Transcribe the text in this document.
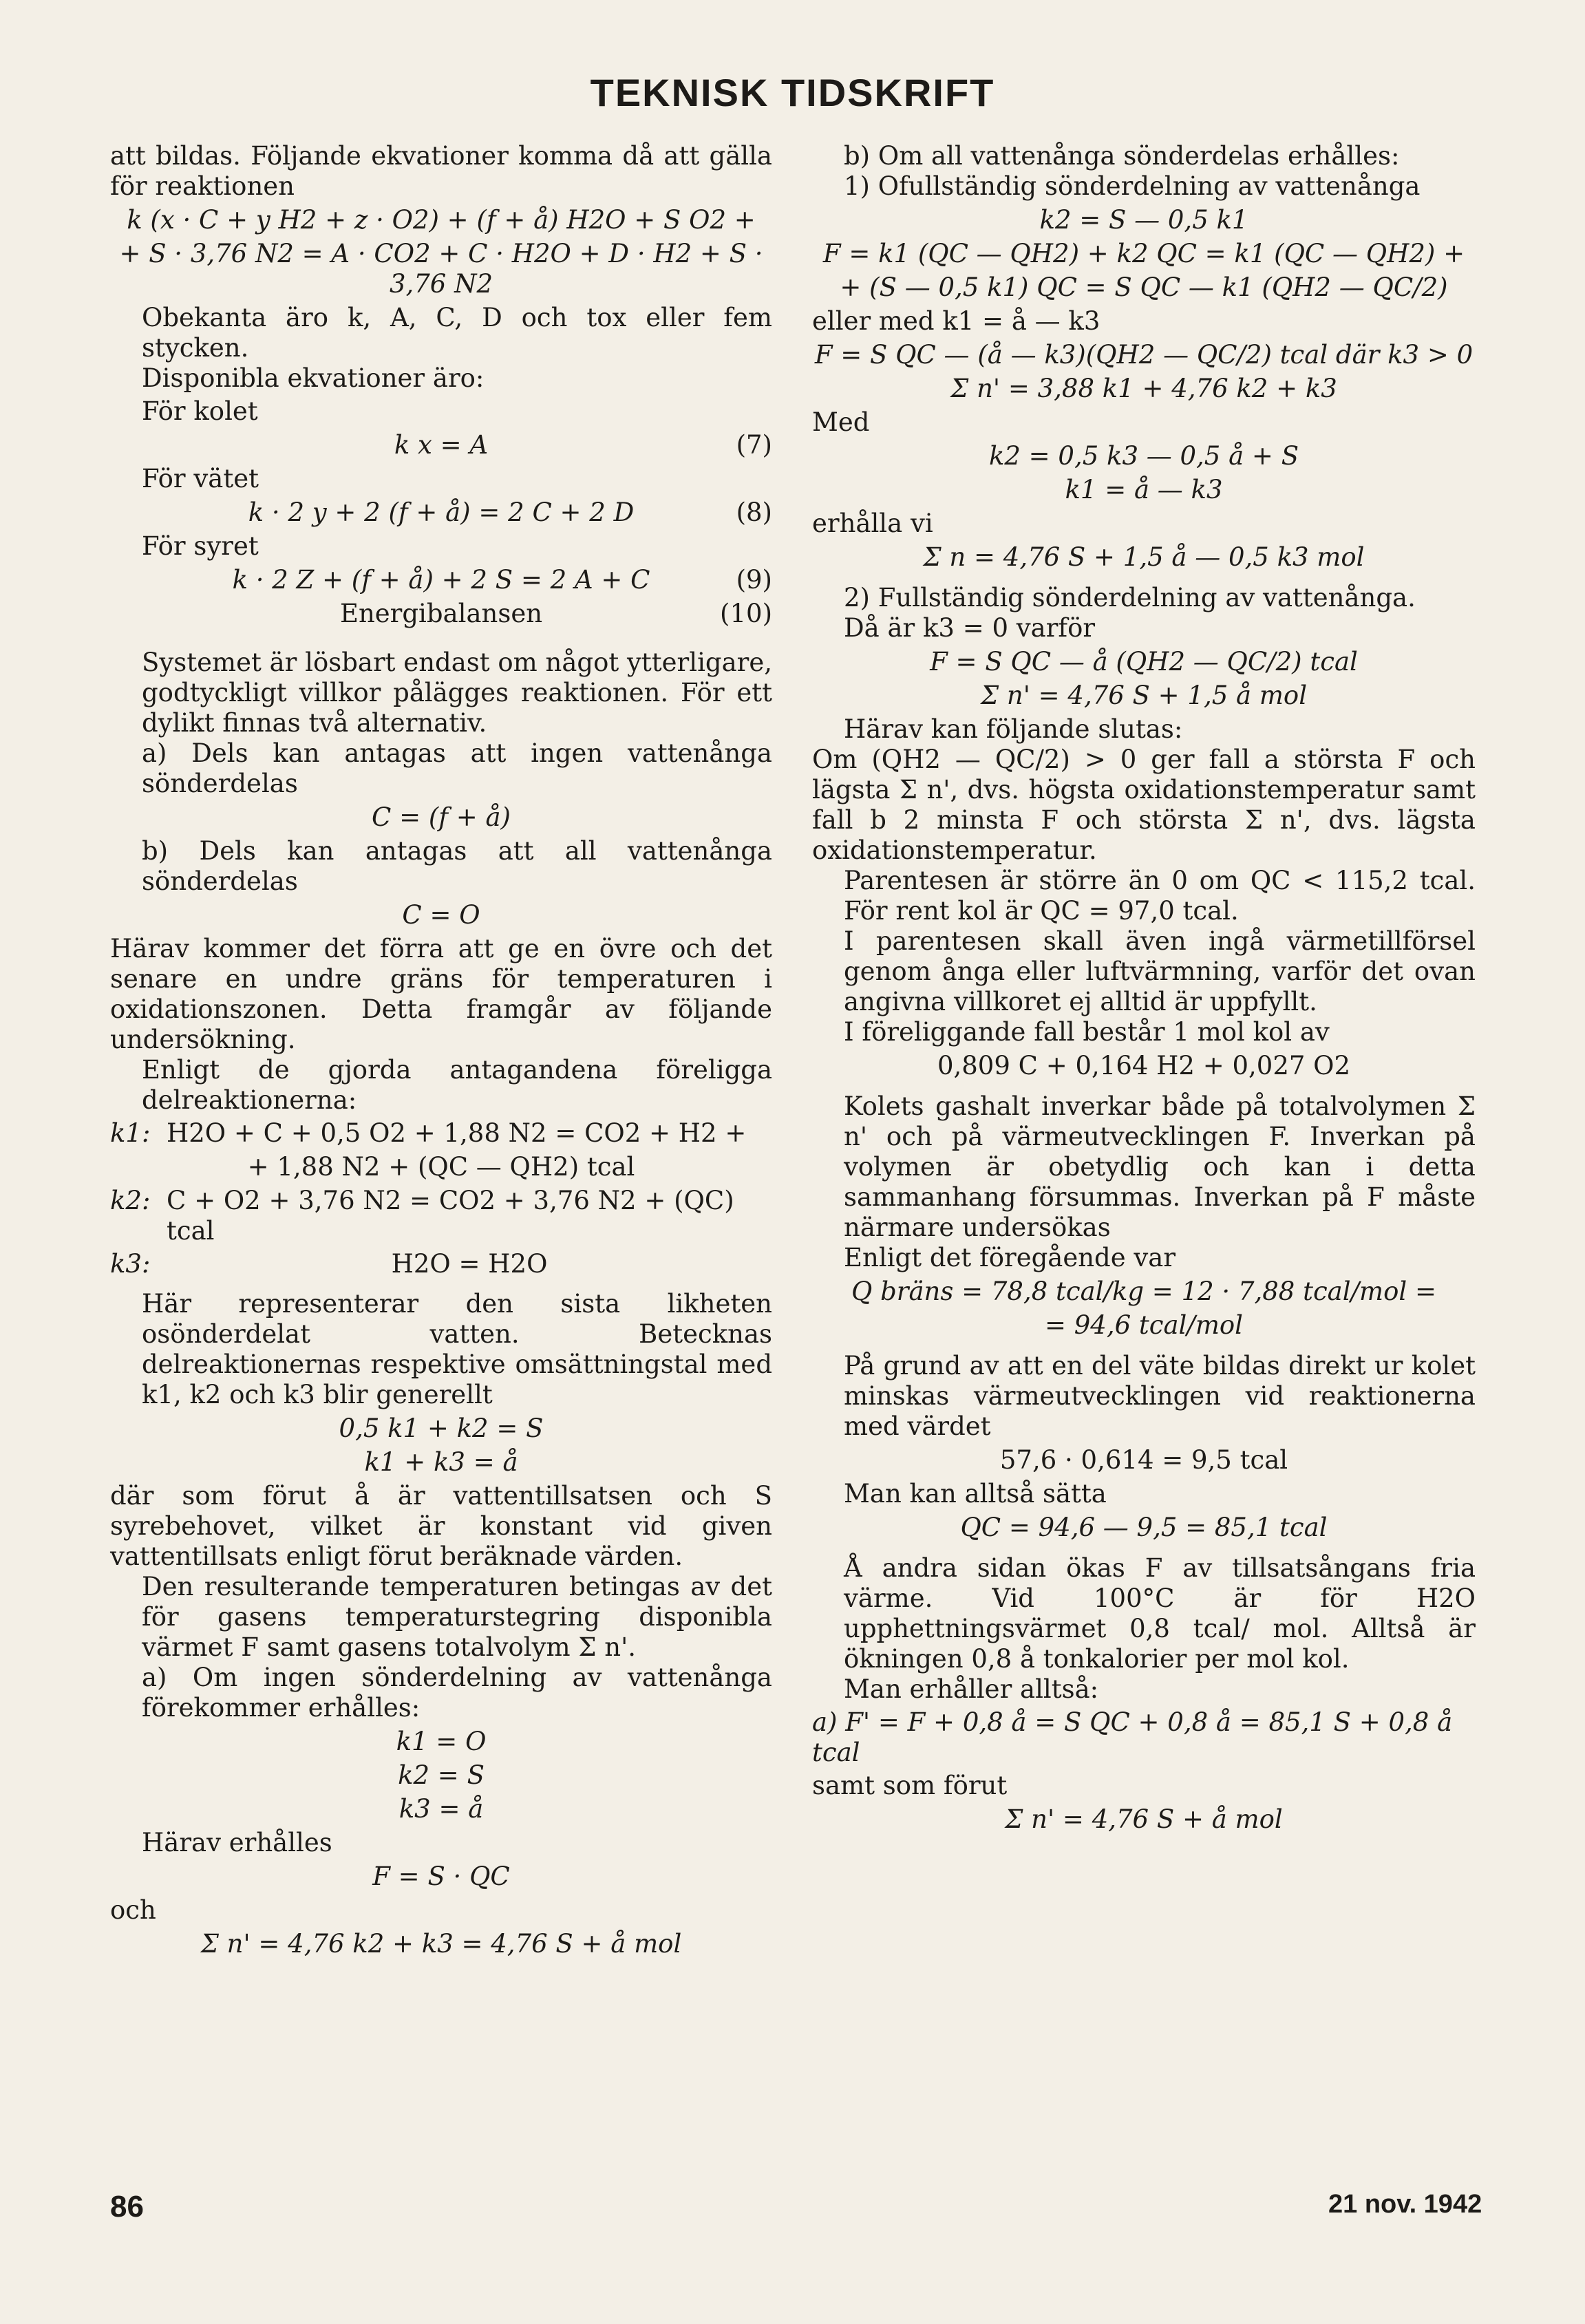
TEKNISK TIDSKRIFT

att bildas. Följande ekvationer komma då att gälla för reaktionen

k (x · C + y H2 + z · O2) + (f + å) H2O + S O2 +
+ S · 3,76 N2 = A · CO2 + C · H2O + D · H2 + S · 3,76 N2

Obekanta äro k, A, C, D och tox eller fem stycken.

Disponibla ekvationer äro:

För kolet
k x = A	(7)
För vätet
k · 2 y + 2 (f + å) = 2 C + 2 D	(8)
För syret
k · 2 Z + (f + å) + 2 S = 2 A + C	(9)
Energibalansen	(10)

Systemet är lösbart endast om något ytterligare, godtyckligt villkor pålägges reaktionen. För ett dylikt finnas två alternativ.

a) Dels kan antagas att ingen vattenånga sönderdelas

C = (f + å)

b) Dels kan antagas att all vattenånga sönderdelas

C = O

Härav kommer det förra att ge en övre och det senare en undre gräns för temperaturen i oxidationszonen. Detta framgår av följande undersökning.

Enligt de gjorda antagandena föreligga delreaktionerna:

k1: H2O + C + 0,5 O2 + 1,88 N2 = CO2 + H2 +
+ 1,88 N2 + (QC — QH2) tcal
k2: C + O2 + 3,76 N2 = CO2 + 3,76 N2 + (QC) tcal
k3:	H2O = H2O

Här representerar den sista likheten osönderdelat vatten. Betecknas delreaktionernas respektive omsättningstal med k1, k2 och k3 blir generellt

0,5 k1 + k2 = S
k1 + k3 = å

där som förut å är vattentillsatsen och S syrebehovet, vilket är konstant vid given vattentillsats enligt förut beräknade värden.

Den resulterande temperaturen betingas av det för gasens temperaturstegring disponibla värmet F samt gasens totalvolym Σ n'.

a) Om ingen sönderdelning av vattenånga förekommer erhålles:

k1 = O
k2 = S
k3 = å
Härav erhålles
F = S · QC
och
Σ n' = 4,76 k2 + k3 = 4,76 S + å mol

b) Om all vattenånga sönderdelas erhålles:

1) Ofullständig sönderdelning av vattenånga

k2 = S — 0,5 k1
F = k1 (QC — QH2) + k2 QC = k1 (QC — QH2) +
+ (S — 0,5 k1) QC = S QC — k1 (QH2 — QC/2)
eller med k1 = å — k3
F = S QC — (å — k3)(QH2 — QC/2) tcal där k3 > 0
Σ n' = 3,88 k1 + 4,76 k2 + k3
Med
k2 = 0,5 k3 — 0,5 å + S
k1 = å — k3
erhålla vi
Σ n = 4,76 S + 1,5 å — 0,5 k3 mol

2) Fullständig sönderdelning av vattenånga.

Då är k3 = 0 varför

F = S QC — å (QH2 — QC/2) tcal
Σ n' = 4,76 S + 1,5 å mol

Härav kan följande slutas:

Om (QH2 — QC/2) > 0 ger fall a största F och lägsta Σ n', dvs. högsta oxidationstemperatur samt fall b 2 minsta F och största Σ n', dvs. lägsta oxidationstemperatur.

Parentesen är större än 0 om QC < 115,2 tcal. För rent kol är QC = 97,0 tcal.

I parentesen skall även ingå värmetillförsel genom ånga eller luftvärmning, varför det ovan angivna villkoret ej alltid är uppfyllt.

I föreliggande fall består 1 mol kol av

0,809 C + 0,164 H2 + 0,027 O2

Kolets gashalt inverkar både på totalvolymen Σ n' och på värmeutvecklingen F. Inverkan på volymen är obetydlig och kan i detta sammanhang försummas. Inverkan på F måste närmare undersökas

Enligt det föregående var

Q bräns = 78,8 tcal/kg = 12 · 7,88 tcal/mol =
= 94,6 tcal/mol

På grund av att en del väte bildas direkt ur kolet minskas värmeutvecklingen vid reaktionerna med värdet

57,6 · 0,614 = 9,5 tcal

Man kan alltså sätta

QC = 94,6 — 9,5 = 85,1 tcal

Å andra sidan ökas F av tillsatsångans fria värme. Vid 100°C är för H2O upphettningsvärmet 0,8 tcal/ mol. Alltså är ökningen 0,8 å tonkalorier per mol kol.

Man erhåller alltså:

a) F' = F + 0,8 å = S QC + 0,8 å = 85,1 S + 0,8 å tcal
samt som förut
Σ n' = 4,76 S + å mol
86	21 nov. 1942
